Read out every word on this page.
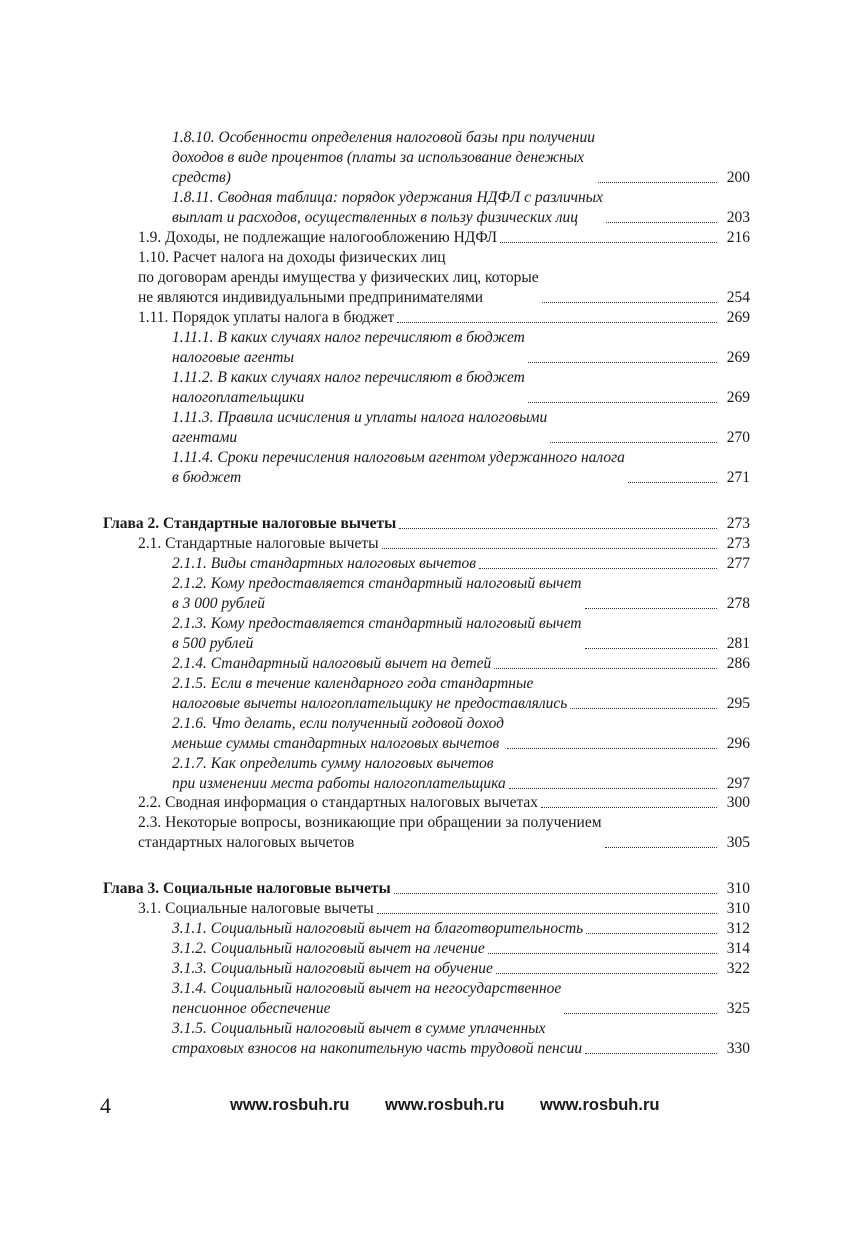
1.8.10. Особенности определения налоговой базы при получении
доходов в виде процентов (платы за использование денежных
средств)	200
1.8.11. Сводная таблица: порядок удержания НДФЛ с различных
выплат и расходов, осуществленных в пользу физических лиц	203
1.9. Доходы, не подлежащие налогообложению НДФЛ	216
1.10. Расчет налога на доходы физических лиц
по договорам аренды имущества у физических лиц, которые
не являются индивидуальными предпринимателями	254
1.11. Порядок уплаты налога в бюджет	269
1.11.1. В каких случаях налог перечисляют в бюджет
налоговые агенты	269
1.11.2. В каких случаях налог перечисляют в бюджет
налогоплательщики	269
1.11.3. Правила исчисления и уплаты налога налоговыми
агентами	270
1.11.4. Сроки перечисления налоговым агентом удержанного налога
в бюджет	271
Глава 2. Стандартные налоговые вычеты	273
2.1. Стандартные налоговые вычеты	273
2.1.1. Виды стандартных налоговых вычетов	277
2.1.2. Кому предоставляется стандартный налоговый вычет
в 3 000 рублей	278
2.1.3. Кому предоставляется стандартный налоговый вычет
в 500 рублей	281
2.1.4. Стандартный налоговый вычет на детей	286
2.1.5. Если в течение календарного года стандартные
налоговые вычеты налогоплательщику не предоставлялись	295
2.1.6. Что делать, если полученный годовой доход
меньше суммы стандартных налоговых вычетов	296
2.1.7. Как определить сумму налоговых вычетов
при изменении места работы налогоплательщика	297
2.2. Сводная информация о стандартных налоговых вычетах	300
2.3. Некоторые вопросы, возникающие при обращении за получением
стандартных налоговых вычетов	305
Глава 3. Социальные налоговые вычеты	310
3.1. Социальные налоговые вычеты	310
3.1.1. Социальный налоговый вычет на благотворительность	312
3.1.2. Социальный налоговый вычет на лечение	314
3.1.3. Социальный налоговый вычет на обучение	322
3.1.4. Социальный налоговый вычет на негосударственное
пенсионное обеспечение	325
3.1.5. Социальный налоговый вычет в сумме уплаченных
страховых взносов на накопительную часть трудовой пенсии	330
4	www.rosbuh.ru www.rosbuh.ru www.rosbuh.ru
